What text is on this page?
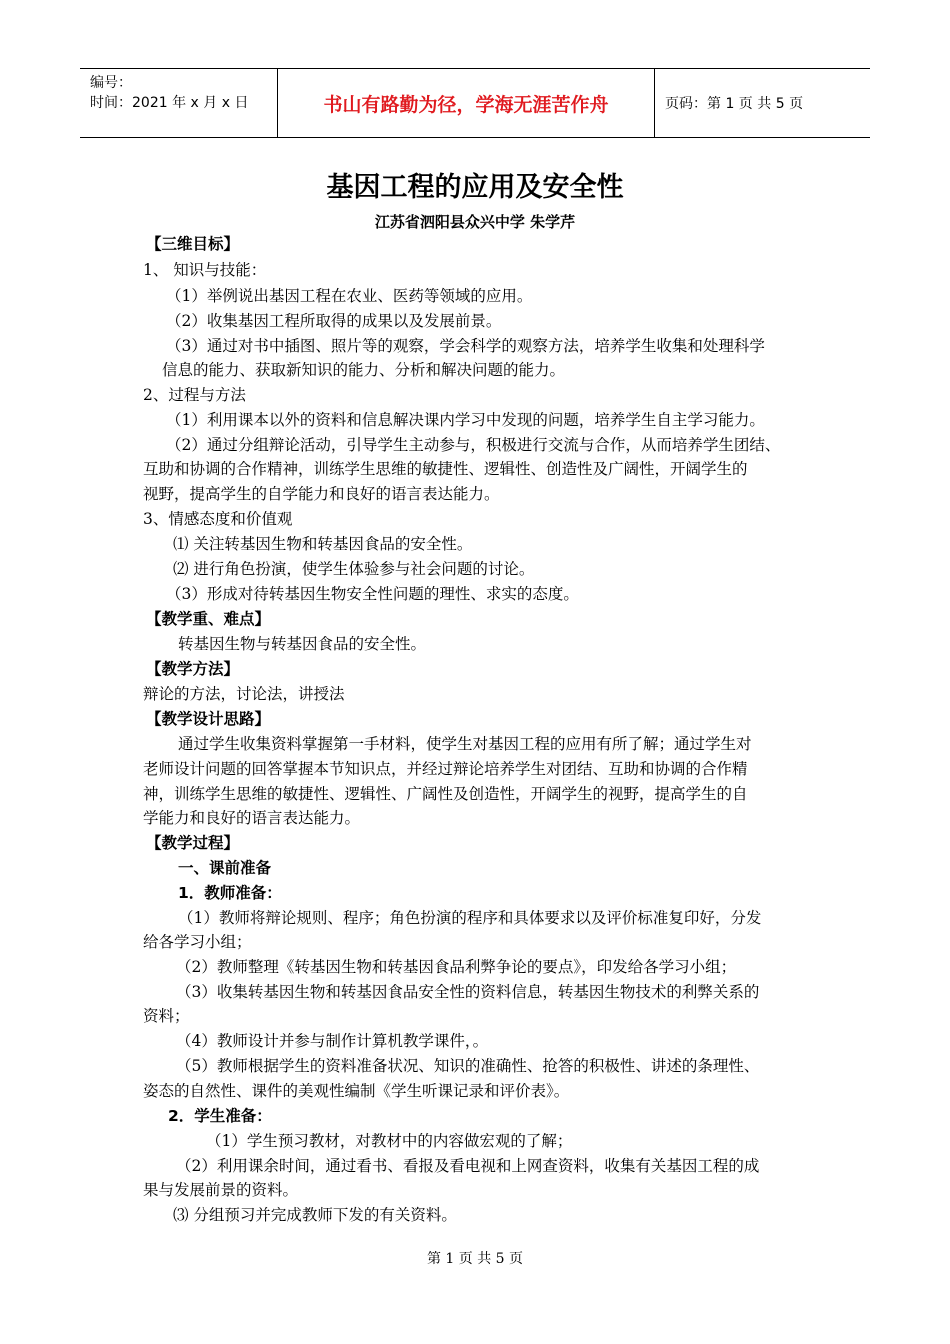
编号：
时间：2021 年 x 月 x 日	书山有路勤为径，学海无涯苦作舟	页码：第 1 页 共 5 页
基因工程的应用及安全性
江苏省泗阳县众兴中学 朱学芹
【三维目标】
1、 知识与技能：
（1）举例说出基因工程在农业、医药等领域的应用。
（2）收集基因工程所取得的成果以及发展前景。
（3）通过对书中插图、照片等的观察，学会科学的观察方法，培养学生收集和处理科学
信息的能力、获取新知识的能力、分析和解决问题的能力。
2、过程与方法
（1）利用课本以外的资料和信息解决课内学习中发现的问题，培养学生自主学习能力。
（2）通过分组辩论活动，引导学生主动参与，积极进行交流与合作，从而培养学生团结、
互助和协调的合作精神，训练学生思维的敏捷性、逻辑性、创造性及广阔性，开阔学生的
视野，提高学生的自学能力和良好的语言表达能力。
3、情感态度和价值观
⑴ 关注转基因生物和转基因食品的安全性。
⑵ 进行角色扮演，使学生体验参与社会问题的讨论。
（3）形成对待转基因生物安全性问题的理性、求实的态度。
【教学重、难点】
转基因生物与转基因食品的安全性。
【教学方法】
辩论的方法，讨论法，讲授法
【教学设计思路】
通过学生收集资料掌握第一手材料，使学生对基因工程的应用有所了解；通过学生对
老师设计问题的回答掌握本节知识点，并经过辩论培养学生对团结、互助和协调的合作精
神，训练学生思维的敏捷性、逻辑性、广阔性及创造性，开阔学生的视野，提高学生的自
学能力和良好的语言表达能力。
【教学过程】
一、课前准备
1．教师准备：
（1）教师将辩论规则、程序；角色扮演的程序和具体要求以及评价标准复印好，分发
给各学习小组；
（2）教师整理《转基因生物和转基因食品利弊争论的要点》，印发给各学习小组；
（3）收集转基因生物和转基因食品安全性的资料信息，转基因生物技术的利弊关系的
资料；
（4）教师设计并参与制作计算机教学课件，。
（5）教师根据学生的资料准备状况、知识的准确性、抢答的积极性、讲述的条理性、
姿态的自然性、课件的美观性编制《学生听课记录和评价表》。
2．学生准备：
（1）学生预习教材，对教材中的内容做宏观的了解；
（2）利用课余时间，通过看书、看报及看电视和上网查资料，收集有关基因工程的成
果与发展前景的资料。
⑶ 分组预习并完成教师下发的有关资料。
第 1 页 共 5 页
